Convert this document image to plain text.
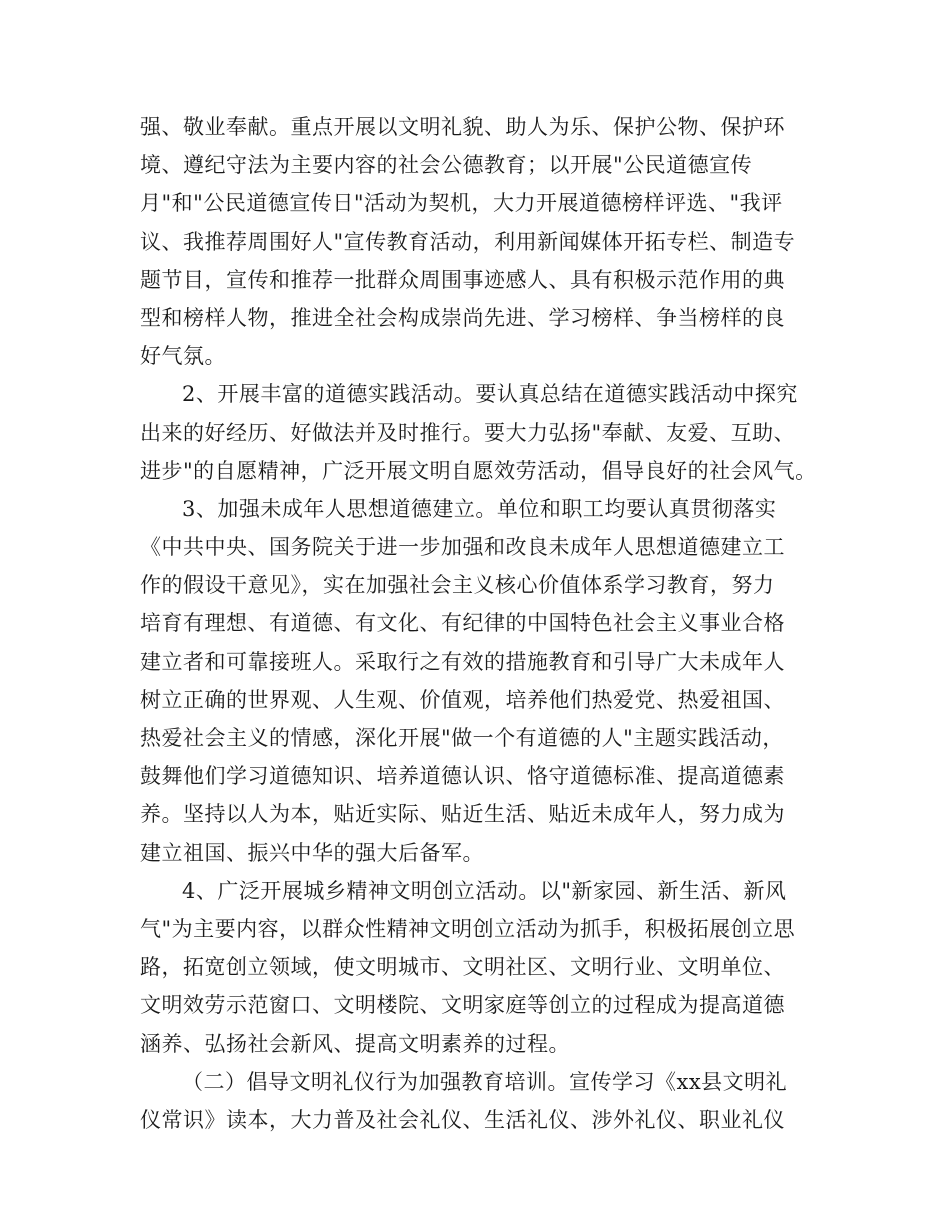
强、敬业奉献。重点开展以文明礼貌、助人为乐、保护公物、保护环
境、遵纪守法为主要内容的社会公德教育；以开展"公民道德宣传
月"和"公民道德宣传日"活动为契机，大力开展道德榜样评选、"我评
议、我推荐周围好人"宣传教育活动，利用新闻媒体开拓专栏、制造专
题节目，宣传和推荐一批群众周围事迹感人、具有积极示范作用的典
型和榜样人物，推进全社会构成崇尚先进、学习榜样、争当榜样的良
好气氛。
2、开展丰富的道德实践活动。要认真总结在道德实践活动中探究
出来的好经历、好做法并及时推行。要大力弘扬"奉献、友爱、互助、
进步"的自愿精神，广泛开展文明自愿效劳活动，倡导良好的社会风气。
3、加强未成年人思想道德建立。单位和职工均要认真贯彻落实
《中共中央、国务院关于进一步加强和改良未成年人思想道德建立工
作的假设干意见》，实在加强社会主义核心价值体系学习教育，努力
培育有理想、有道德、有文化、有纪律的中国特色社会主义事业合格
建立者和可靠接班人。采取行之有效的措施教育和引导广大未成年人
树立正确的世界观、人生观、价值观，培养他们热爱党、热爱祖国、
热爱社会主义的情感，深化开展"做一个有道德的人"主题实践活动，
鼓舞他们学习道德知识、培养道德认识、恪守道德标准、提高道德素
养。坚持以人为本，贴近实际、贴近生活、贴近未成年人，努力成为
建立祖国、振兴中华的强大后备军。
4、广泛开展城乡精神文明创立活动。以"新家园、新生活、新风
气"为主要内容，以群众性精神文明创立活动为抓手，积极拓展创立思
路，拓宽创立领域，使文明城市、文明社区、文明行业、文明单位、
文明效劳示范窗口、文明楼院、文明家庭等创立的过程成为提高道德
涵养、弘扬社会新风、提高文明素养的过程。
（二）倡导文明礼仪行为加强教育培训。宣传学习《xx县文明礼
仪常识》读本，大力普及社会礼仪、生活礼仪、涉外礼仪、职业礼仪
